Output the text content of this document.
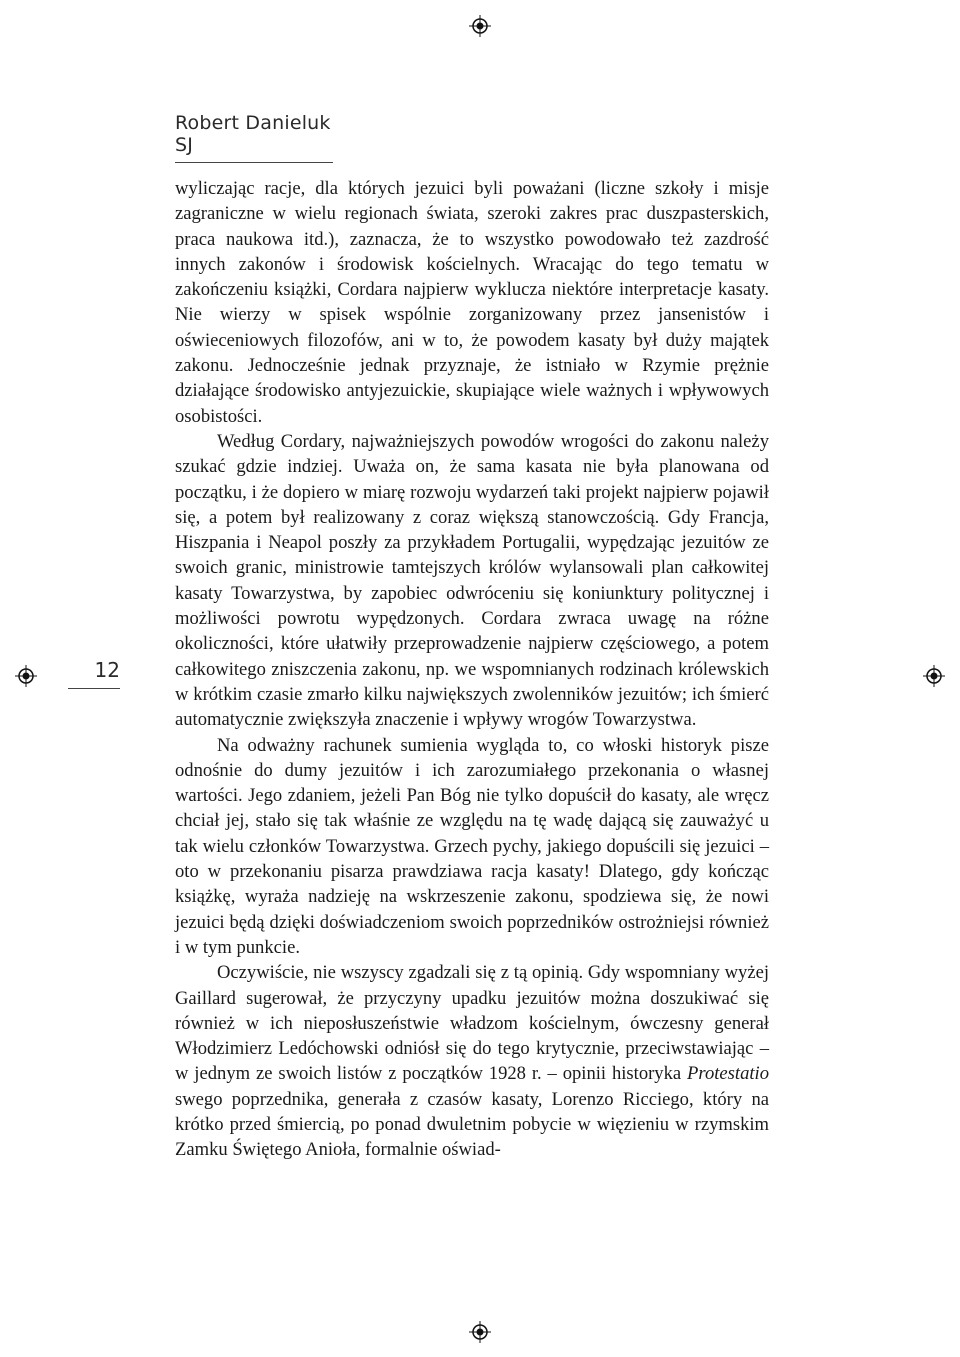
Robert Danieluk SJ
12

wyliczając racje, dla których jezuici byli poważani (liczne szkoły i misje zagraniczne w wielu regionach świata, szeroki zakres prac duszpasterskich, praca naukowa itd.), zaznacza, że to wszystko powodowało też zazdrość innych zakonów i środowisk kościelnych. Wracając do tego tematu w zakończeniu książki, Cordara najpierw wyklucza niektóre interpretacje kasaty. Nie wierzy w spisek wspólnie zorganizowany przez jansenistów i oświeceniowych filozofów, ani w to, że powodem kasaty był duży majątek zakonu. Jednocześnie jednak przyznaje, że istniało w Rzymie prężnie działające środowisko antyjezuickie, skupiające wiele ważnych i wpływowych osobistości.

Według Cordary, najważniejszych powodów wrogości do zakonu należy szukać gdzie indziej. Uważa on, że sama kasata nie była planowana od początku, i że dopiero w miarę rozwoju wydarzeń taki projekt najpierw pojawił się, a potem był realizowany z coraz większą stanowczością. Gdy Francja, Hiszpania i Neapol poszły za przykładem Portugalii, wypędzając jezuitów ze swoich granic, ministrowie tamtejszych królów wylansowali plan całkowitej kasaty Towarzystwa, by zapobiec odwróceniu się koniunktury politycznej i możliwości powrotu wypędzonych. Cordara zwraca uwagę na różne okoliczności, które ułatwiły przeprowadzenie najpierw częściowego, a potem całkowitego zniszczenia zakonu, np. we wspomnianych rodzinach królewskich w krótkim czasie zmarło kilku największych zwolenników jezuitów; ich śmierć automatycznie zwiększyła znaczenie i wpływy wrogów Towarzystwa.

Na odważny rachunek sumienia wygląda to, co włoski historyk pisze odnośnie do dumy jezuitów i ich zarozumiałego przekonania o własnej wartości. Jego zdaniem, jeżeli Pan Bóg nie tylko dopuścił do kasaty, ale wręcz chciał jej, stało się tak właśnie ze względu na tę wadę dającą się zauważyć u tak wielu członków Towarzystwa. Grzech pychy, jakiego dopuścili się jezuici – oto w przekonaniu pisarza prawdziawa racja kasaty! Dlatego, gdy kończąc książkę, wyraża nadzieję na wskrzeszenie zakonu, spodziewa się, że nowi jezuici będą dzięki doświadczeniom swoich poprzedników ostrożniejsi również i w tym punkcie.

Oczywiście, nie wszyscy zgadzali się z tą opinią. Gdy wspomniany wyżej Gaillard sugerował, że przyczyny upadku jezuitów można doszukiwać się również w ich nieposłuszeństwie władzom kościelnym, ówczesny generał Włodzimierz Ledóchowski odniósł się do tego krytycznie, przeciwstawiając – w jednym ze swoich listów z początków 1928 r. – opinii historyka Protestatio swego poprzednika, generała z czasów kasaty, Lorenzo Ricciego, który na krótko przed śmiercią, po ponad dwuletnim pobycie w więzieniu w rzymskim Zamku Świętego Anioła, formalnie oświad-
